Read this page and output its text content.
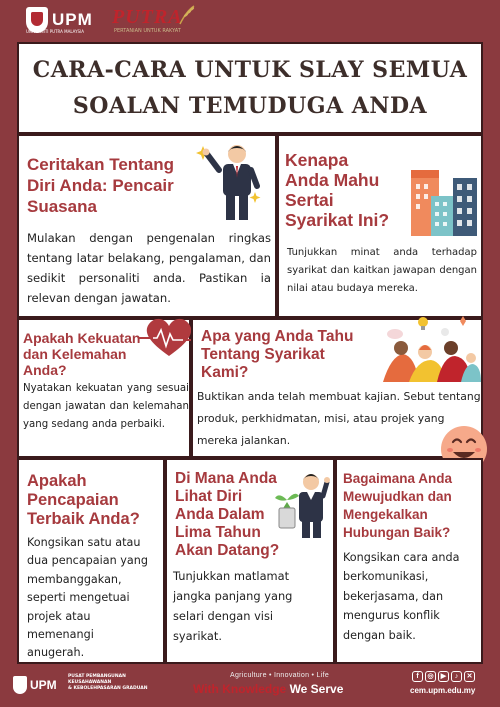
UPM
UNIVERSITI PUTRA MALAYSIA
PUTRA
PERTANIAN UNTUK RAKYAT
CARA-CARA UNTUK SLAY SEMUA
SOALAN TEMUDUGA ANDA
Ceritakan Tentang
Diri Anda: Pencair
Suasana
Mulakan dengan pengenalan ringkas tentang latar belakang, pengalaman, dan sedikit personaliti anda. Pastikan ia relevan dengan jawatan.
Kenapa
Anda Mahu
Sertai
Syarikat Ini?
Tunjukkan minat anda terhadap syarikat dan kaitkan jawapan dengan nilai atau budaya mereka.
Apakah Kekuatan
dan Kelemahan
Anda?
Nyatakan kekuatan yang sesuai dengan jawatan dan kelemahan yang sedang anda perbaiki.
Apa yang Anda Tahu
Tentang Syarikat
Kami?
Buktikan anda telah membuat kajian. Sebut tentang produk, perkhidmatan, misi, atau projek yang mereka jalankan.
Apakah
Pencapaian
Terbaik Anda?
Kongsikan satu atau
dua pencapaian yang
membanggakan,
seperti mengetuai
projek atau
memenangi
anugerah.
Di Mana Anda
Lihat Diri
Anda Dalam
Lima Tahun
Akan Datang?
Tunjukkan matlamat
jangka panjang yang
selari dengan visi
syarikat.
Bagaimana Anda
Mewujudkan dan
Mengekalkan
Hubungan Baik?
Kongsikan cara anda
berkomunikasi,
bekerjasama, dan
mengurus konflik
dengan baik.
UPM
PUSAT PEMBANGUNAN KEUSAHAWANAN
& KEBOLEHPASARAN GRADUAN
Agriculture • Innovation • Life
With Knowledge We Serve
f	◎	▶	♪	✕
cem.upm.edu.my
